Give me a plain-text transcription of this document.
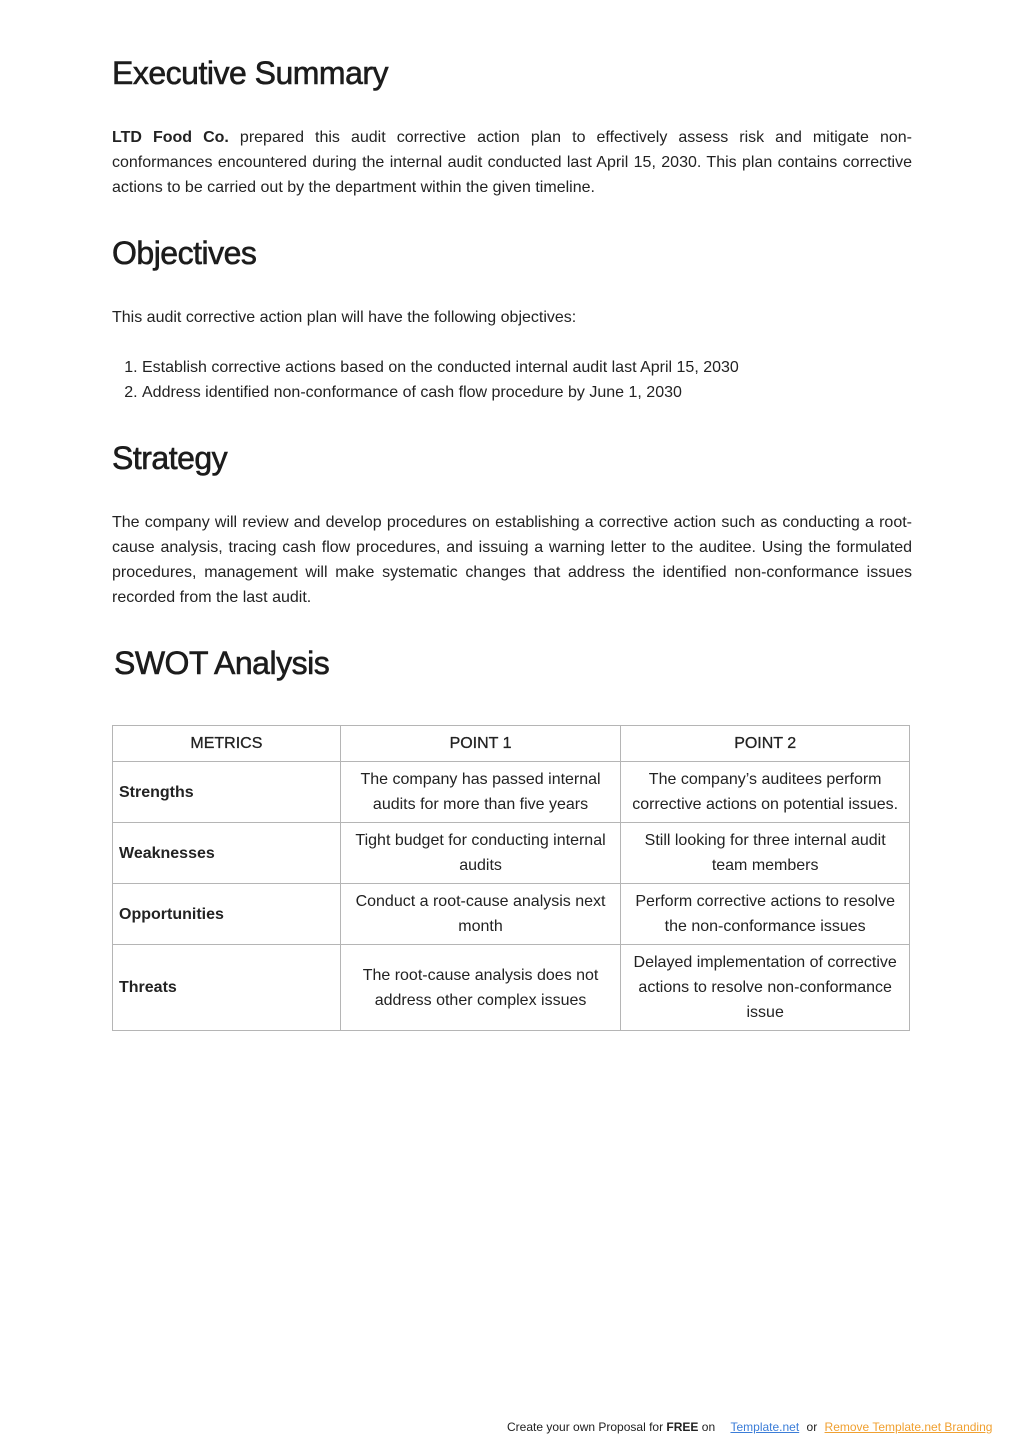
Executive Summary

LTD Food Co. prepared this audit corrective action plan to effectively assess risk and mitigate non-conformances encountered during the internal audit conducted last April 15, 2030. This plan contains corrective actions to be carried out by the department within the given timeline.

Objectives

This audit corrective action plan will have the following objectives:

1. Establish corrective actions based on the conducted internal audit last April 15, 2030
2. Address identified non-conformance of cash flow procedure by June 1, 2030
Strategy

The company will review and develop procedures on establishing a corrective action such as conducting a root-cause analysis, tracing cash flow procedures, and issuing a warning letter to the auditee. Using the formulated procedures, management will make systematic changes that address the identified non-conformance issues recorded from the last audit.

SWOT Analysis
METRICS	POINT 1	POINT 2
Strengths	The company has passed internal audits for more than five years	The company’s auditees perform corrective actions on potential issues.
Weaknesses	Tight budget for conducting internal audits	Still looking for three internal audit team members
Opportunities	Conduct a root-cause analysis next month	Perform corrective actions to resolve the non-conformance issues
Threats	The root-cause analysis does not address other complex issues	Delayed implementation of corrective actions to resolve non-conformance issue
Create your own Proposal for FREE on Template.net or Remove Template.net Branding
